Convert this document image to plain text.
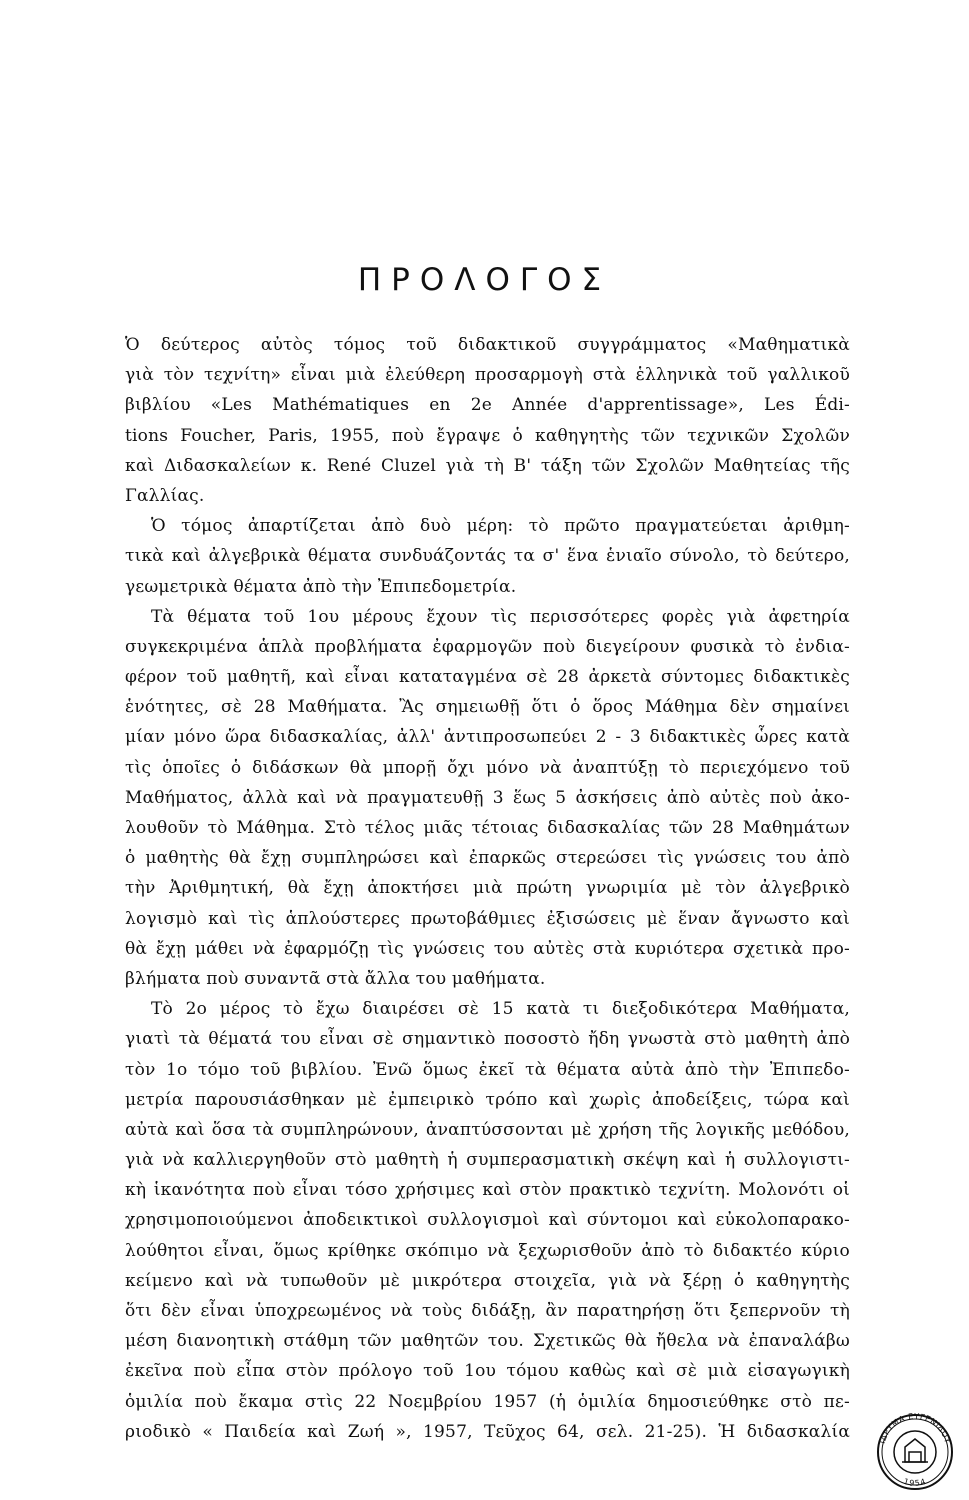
ΠΡΟΛΟΓΟΣ
Ὁ δεύτερος αὐτὸς τόμος τοῦ διδακτικοῦ συγγράμματος «Μαθηματικὰ
γιὰ τὸν τεχνίτη» εἶναι μιὰ ἐλεύθερη προσαρμογὴ στὰ ἑλληνικὰ τοῦ γαλλικοῦ
βιβλίου «Les Mathématiques en 2e Année d'apprentissage», Les Édi-
tions Foucher, Paris, 1955, ποὺ ἔγραψε ὁ καθηγητὴς τῶν τεχνικῶν Σχολῶν
καὶ Διδασκαλείων κ. René Cluzel γιὰ τὴ Β' τάξη τῶν Σχολῶν Μαθητείας τῆς
Γαλλίας.
Ὁ τόμος ἀπαρτίζεται ἀπὸ δυὸ μέρη: τὸ πρῶτο πραγματεύεται ἀριθμη-
τικὰ καὶ ἀλγεβρικὰ θέματα συνδυάζοντάς τα σ' ἕνα ἑνιαῖο σύνολο, τὸ δεύτερο,
γεωμετρικὰ θέματα ἀπὸ τὴν Ἐπιπεδομετρία.
Τὰ θέματα τοῦ 1ου μέρους ἔχουν τὶς περισσότερες φορὲς γιὰ ἀφετηρία
συγκεκριμένα ἁπλὰ προβλήματα ἐφαρμογῶν ποὺ διεγείρουν φυσικὰ τὸ ἐνδια-
φέρον τοῦ μαθητῆ, καὶ εἶναι καταταγμένα σὲ 28 ἀρκετὰ σύντομες διδακτικὲς
ἑνότητες, σὲ 28 Μαθήματα. Ἂς σημειωθῇ ὅτι ὁ ὅρος Μάθημα δὲν σημαίνει
μίαν μόνο ὥρα διδασκαλίας, ἀλλ' ἀντιπροσωπεύει 2 - 3 διδακτικὲς ὧρες κατὰ
τὶς ὁποῖες ὁ διδάσκων θὰ μπορῇ ὄχι μόνο νὰ ἀναπτύξῃ τὸ περιεχόμενο τοῦ
Μαθήματος, ἀλλὰ καὶ νὰ πραγματευθῇ 3 ἕως 5 ἀσκήσεις ἀπὸ αὐτὲς ποὺ ἀκο-
λουθοῦν τὸ Μάθημα. Στὸ τέλος μιᾶς τέτοιας διδασκαλίας τῶν 28 Μαθημάτων
ὁ μαθητὴς θὰ ἔχῃ συμπληρώσει καὶ ἐπαρκῶς στερεώσει τὶς γνώσεις του ἀπὸ
τὴν Ἀριθμητική, θὰ ἔχῃ ἀποκτήσει μιὰ πρώτη γνωριμία μὲ τὸν ἀλγεβρικὸ
λογισμὸ καὶ τὶς ἁπλούστερες πρωτοβάθμιες ἐξισώσεις μὲ ἕναν ἄγνωστο καὶ
θὰ ἔχῃ μάθει νὰ ἐφαρμόζῃ τὶς γνώσεις του αὐτὲς στὰ κυριότερα σχετικὰ προ-
βλήματα ποὺ συναντᾶ στὰ ἄλλα του μαθήματα.
Τὸ 2ο μέρος τὸ ἔχω διαιρέσει σὲ 15 κατὰ τι διεξοδικότερα Μαθήματα,
γιατὶ τὰ θέματά του εἶναι σὲ σημαντικὸ ποσοστὸ ἤδη γνωστὰ στὸ μαθητὴ ἀπὸ
τὸν 1ο τόμο τοῦ βιβλίου. Ἐνῶ ὅμως ἐκεῖ τὰ θέματα αὐτὰ ἀπὸ τὴν Ἐπιπεδο-
μετρία παρουσιάσθηκαν μὲ ἐμπειρικὸ τρόπο καὶ χωρὶς ἀποδείξεις, τώρα καὶ
αὐτὰ καὶ ὅσα τὰ συμπληρώνουν, ἀναπτύσσονται μὲ χρήση τῆς λογικῆς μεθόδου,
γιὰ νὰ καλλιεργηθοῦν στὸ μαθητὴ ἡ συμπερασματικὴ σκέψη καὶ ἡ συλλογιστι-
κὴ ἱκανότητα ποὺ εἶναι τόσο χρήσιμες καὶ στὸν πρακτικὸ τεχνίτη. Μολονότι οἱ
χρησιμοποιούμενοι ἀποδεικτικοὶ συλλογισμοὶ καὶ σύντομοι καὶ εὐκολοπαρακο-
λούθητοι εἶναι, ὅμως κρίθηκε σκόπιμο νὰ ξεχωρισθοῦν ἀπὸ τὸ διδακτέο κύριο
κείμενο καὶ νὰ τυπωθοῦν μὲ μικρότερα στοιχεῖα, γιὰ νὰ ξέρῃ ὁ καθηγητὴς
ὅτι δὲν εἶναι ὑποχρεωμένος νὰ τοὺς διδάξῃ, ἂν παρατηρήσῃ ὅτι ξεπερνοῦν τὴ
μέση διανοητικὴ στάθμη τῶν μαθητῶν του. Σχετικῶς θὰ ἤθελα νὰ ἐπαναλάβω
ἐκεῖνα ποὺ εἶπα στὸν πρόλογο τοῦ 1ου τόμου καθὼς καὶ σὲ μιὰ εἰσαγωγικὴ
ὁμιλία ποὺ ἔκαμα στὶς 22 Νοεμβρίου 1957 (ἡ ὁμιλία δημοσιεύθηκε στὸ πε-
ριοδικὸ « Παιδεία καὶ Ζωή », 1957, Τεῦχος 64, σελ. 21-25). Ἡ διδασκαλία
ΙΔΡΥΜΑ ΕΥΓΕΝΙΔΟΥ
1954
